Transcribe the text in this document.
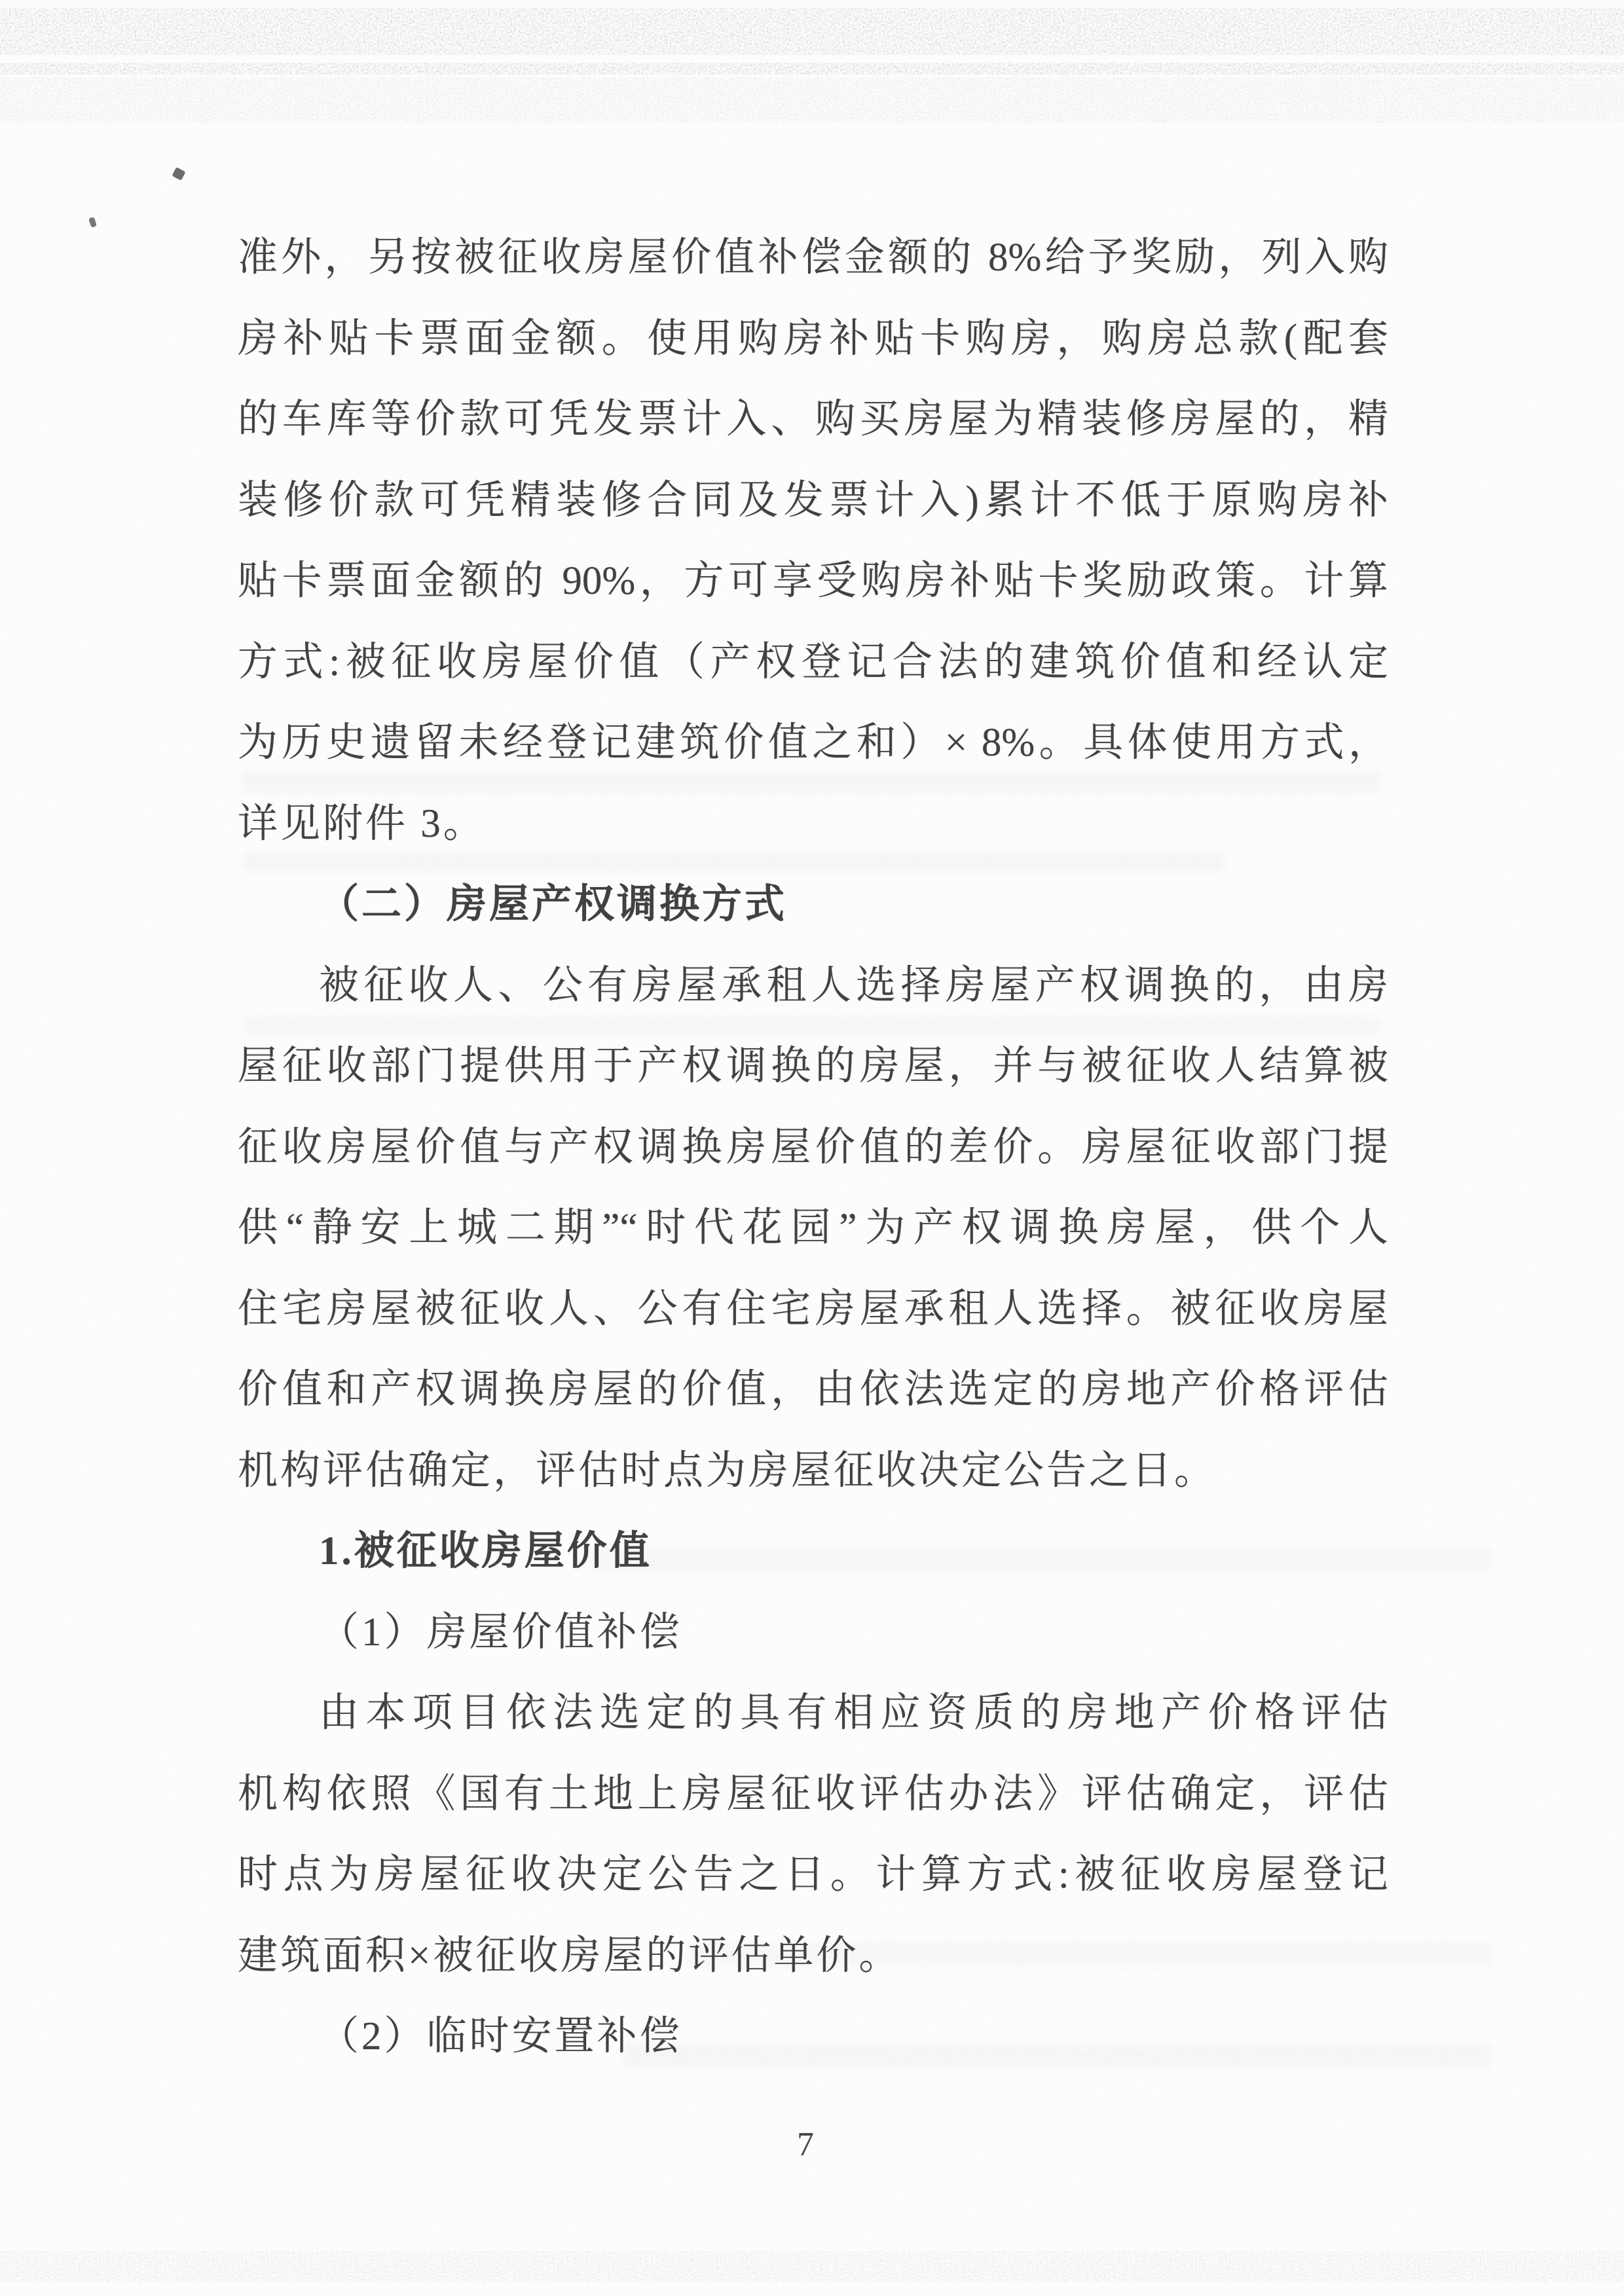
准外，另按被征收房屋价值补偿金额的 8%给予奖励，列入购
房补贴卡票面金额。使用购房补贴卡购房，购房总款(配套
的车库等价款可凭发票计入、购买房屋为精装修房屋的，精
装修价款可凭精装修合同及发票计入)累计不低于原购房补
贴卡票面金额的 90%，方可享受购房补贴卡奖励政策。计算
方式:被征收房屋价值（产权登记合法的建筑价值和经认定
为历史遗留未经登记建筑价值之和）× 8%。具体使用方式，
详见附件 3。
（二）房屋产权调换方式
被征收人、公有房屋承租人选择房屋产权调换的，由房
屋征收部门提供用于产权调换的房屋，并与被征收人结算被
征收房屋价值与产权调换房屋价值的差价。房屋征收部门提
供“静安上城二期”“时代花园”为产权调换房屋，供个人
住宅房屋被征收人、公有住宅房屋承租人选择。被征收房屋
价值和产权调换房屋的价值，由依法选定的房地产价格评估
机构评估确定，评估时点为房屋征收决定公告之日。
1.被征收房屋价值
（1）房屋价值补偿
由本项目依法选定的具有相应资质的房地产价格评估
机构依照《国有土地上房屋征收评估办法》评估确定，评估
时点为房屋征收决定公告之日。计算方式:被征收房屋登记
建筑面积×被征收房屋的评估单价。
（2）临时安置补偿
7
